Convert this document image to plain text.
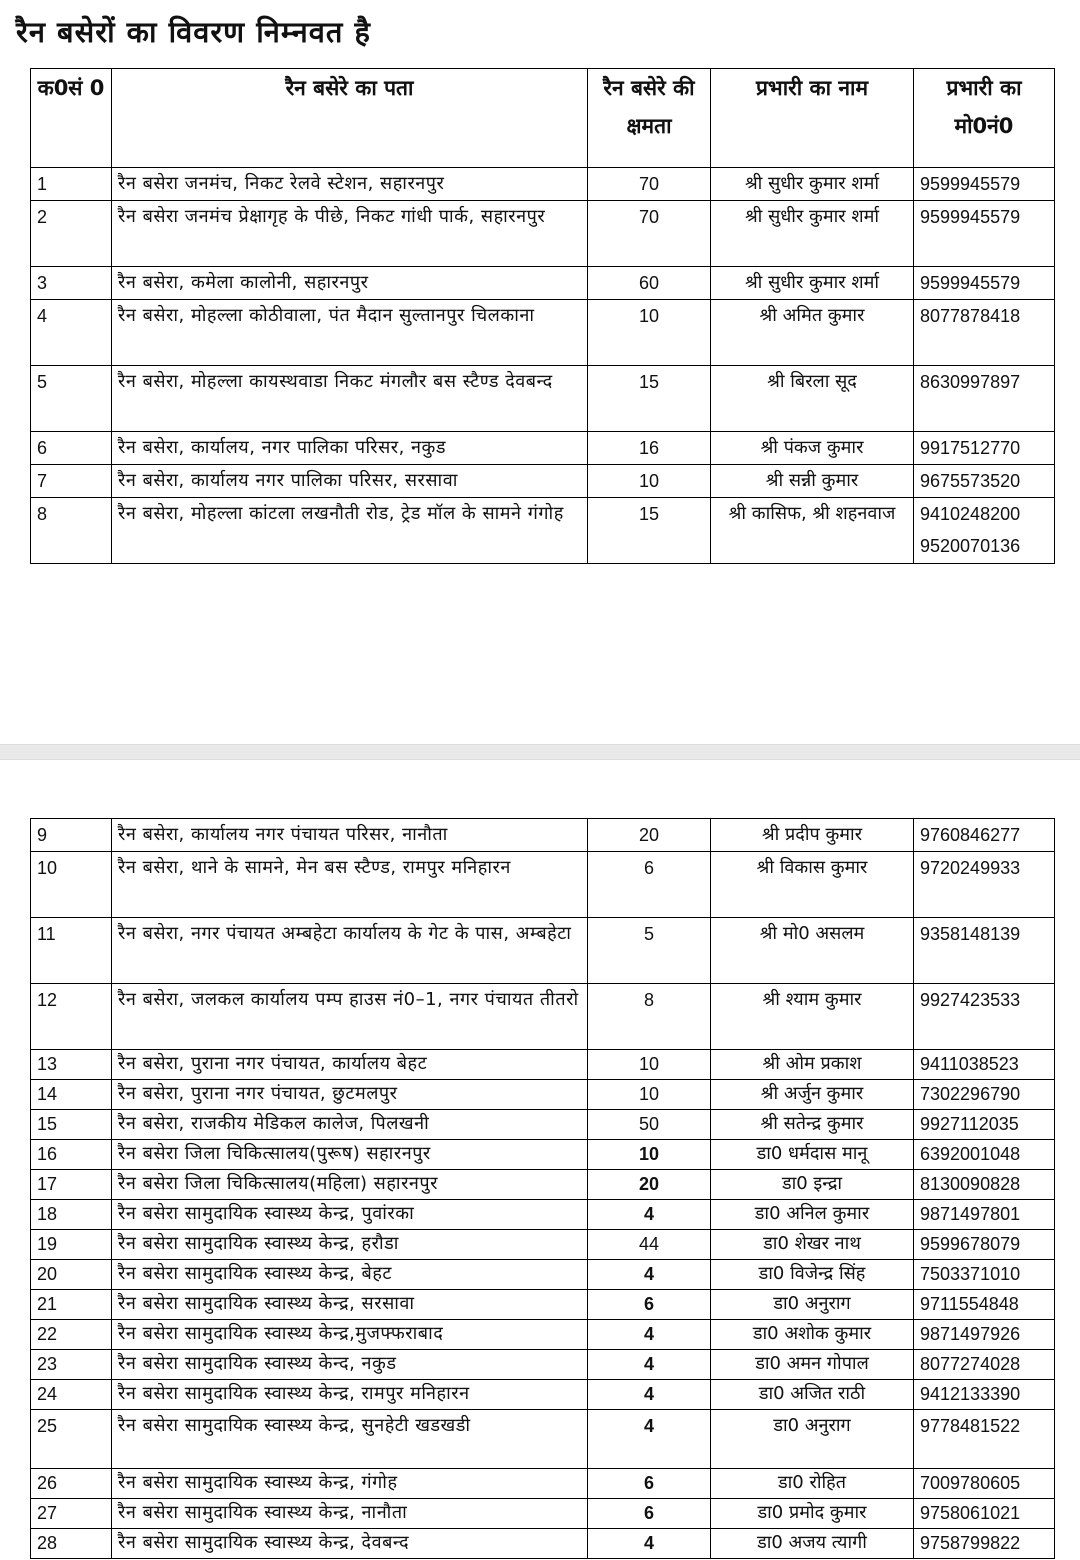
रैन बसेरों का विवरण निम्नवत है
क0सं 0	रैन बसेरे का पता	रैन बसेरे की क्षमता	प्रभारी का नाम	प्रभारी का मो0नं0
1	रैन बसेरा जनमंच, निकट रेलवे स्टेशन, सहारनपुर	70	श्री सुधीर कुमार शर्मा	9599945579
2	रैन बसेरा जनमंच प्रेक्षागृह के पीछे, निकट गांधी पार्क, सहारनपुर	70	श्री सुधीर कुमार शर्मा	9599945579
3	रैन बसेरा, कमेला कालोनी, सहारनपुर	60	श्री सुधीर कुमार शर्मा	9599945579
4	रैन बसेरा, मोहल्ला कोठीवाला, पंत मैदान सुल्तानपुर चिलकाना	10	श्री अमित कुमार	8077878418
5	रैन बसेरा, मोहल्ला कायस्थवाडा निकट मंगलौर बस स्टैण्ड देवबन्द	15	श्री बिरला सूद	8630997897
6	रैन बसेरा, कार्यालय, नगर पालिका परिसर, नकुड	16	श्री पंकज कुमार	9917512770
7	रैन बसेरा, कार्यालय नगर पालिका परिसर, सरसावा	10	श्री सन्नी कुमार	9675573520
8	रैन बसेरा, मोहल्ला कांटला लखनौती रोड, ट्रेड मॉल के सामने गंगोह	15	श्री कासिफ, श्री शहनवाज	9410248200 9520070136
9	रैन बसेरा, कार्यालय नगर पंचायत परिसर, नानौता	20	श्री प्रदीप कुमार	9760846277
10	रैन बसेरा, थाने के सामने, मेन बस स्टैण्ड, रामपुर मनिहारन	6	श्री विकास कुमार	9720249933
11	रैन बसेरा, नगर पंचायत अम्बहेटा कार्यालय के गेट के पास, अम्बहेटा	5	श्री मो0 असलम	9358148139
12	रैन बसेरा, जलकल कार्यालय पम्प हाउस नं0–1, नगर पंचायत तीतरो	8	श्री श्याम कुमार	9927423533
13	रैन बसेरा, पुराना नगर पंचायत, कार्यालय बेहट	10	श्री ओम प्रकाश	9411038523
14	रैन बसेरा, पुराना नगर पंचायत, छुटमलपुर	10	श्री अर्जुन कुमार	7302296790
15	रैन बसेरा, राजकीय मेडिकल कालेज, पिलखनी	50	श्री सतेन्द्र कुमार	9927112035
16	रैन बसेरा जिला चिकित्सालय(पुरूष) सहारनपुर	10	डा0 धर्मदास मानू	6392001048
17	रैन बसेरा जिला चिकित्सालय(महिला) सहारनपुर	20	डा0 इन्द्रा	8130090828
18	रैन बसेरा सामुदायिक स्वास्थ्य केन्द्र, पुवांरका	4	डा0 अनिल कुमार	9871497801
19	रैन बसेरा सामुदायिक स्वास्थ्य केन्द्र, हरौडा	44	डा0 शेखर नाथ	9599678079
20	रैन बसेरा सामुदायिक स्वास्थ्य केन्द्र, बेहट	4	डा0 विजेन्द्र सिंह	7503371010
21	रैन बसेरा सामुदायिक स्वास्थ्य केन्द्र, सरसावा	6	डा0 अनुराग	9711554848
22	रैन बसेरा सामुदायिक स्वास्थ्य केन्द्र,मुजफ्फराबाद	4	डा0 अशोक कुमार	9871497926
23	रैन बसेरा सामुदायिक स्वास्थ्य केन्द, नकुड	4	डा0 अमन गोपाल	8077274028
24	रैन बसेरा सामुदायिक स्वास्थ्य केन्द्र, रामपुर मनिहारन	4	डा0 अजित राठी	9412133390
25	रैन बसेरा सामुदायिक स्वास्थ्य केन्द्र, सुनहेटी खडखडी	4	डा0 अनुराग	9778481522
26	रैन बसेरा सामुदायिक स्वास्थ्य केन्द्र, गंगोह	6	डा0 रोहित	7009780605
27	रैन बसेरा सामुदायिक स्वास्थ्य केन्द्र, नानौता	6	डा0 प्रमोद कुमार	9758061021
28	रैन बसेरा सामुदायिक स्वास्थ्य केन्द्र, देवबन्द	4	डा0 अजय त्यागी	9758799822
